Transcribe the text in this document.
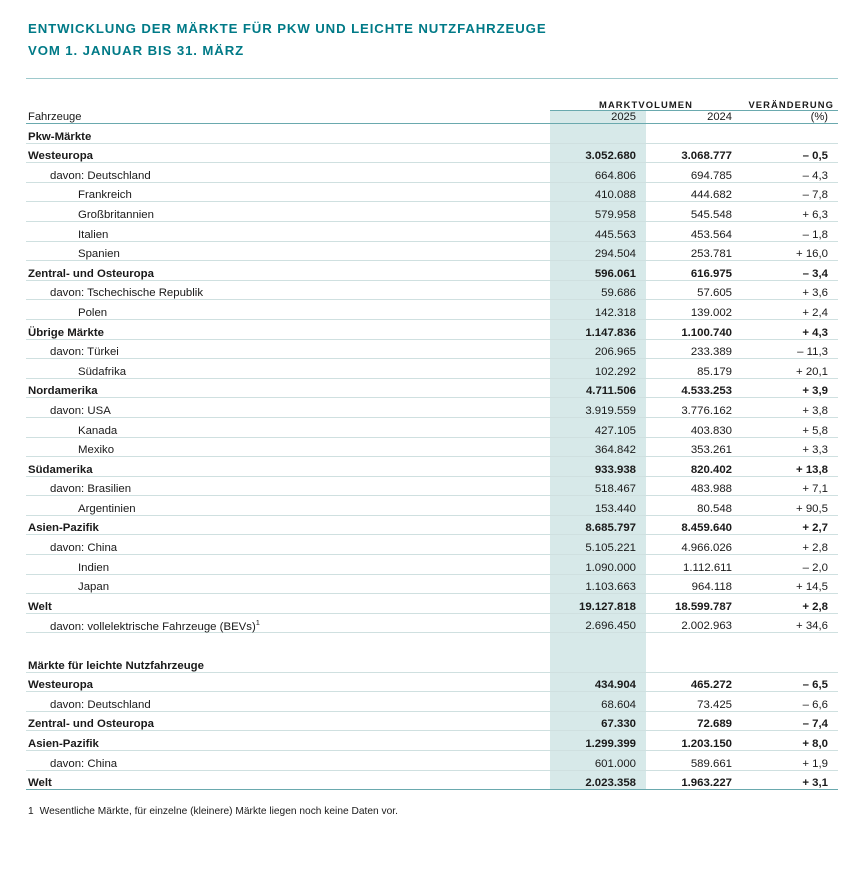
ENTWICKLUNG DER MÄRKTE FÜR PKW UND LEICHTE NUTZFAHRZEUGE
VOM 1. JANUAR BIS 31. MÄRZ
	MARKTVOLUMEN		VERÄNDERUNG
Fahrzeuge	2025	2024	(%)
Pkw-Märkte			
Westeuropa	3.052.680	3.068.777	– 0,5
davon: Deutschland	664.806	694.785	– 4,3
Frankreich	410.088	444.682	– 7,8
Großbritannien	579.958	545.548	+ 6,3
Italien	445.563	453.564	– 1,8
Spanien	294.504	253.781	+ 16,0
Zentral- und Osteuropa	596.061	616.975	– 3,4
davon: Tschechische Republik	59.686	57.605	+ 3,6
Polen	142.318	139.002	+ 2,4
Übrige Märkte	1.147.836	1.100.740	+ 4,3
davon: Türkei	206.965	233.389	– 11,3
Südafrika	102.292	85.179	+ 20,1
Nordamerika	4.711.506	4.533.253	+ 3,9
davon: USA	3.919.559	3.776.162	+ 3,8
Kanada	427.105	403.830	+ 5,8
Mexiko	364.842	353.261	+ 3,3
Südamerika	933.938	820.402	+ 13,8
davon: Brasilien	518.467	483.988	+ 7,1
Argentinien	153.440	80.548	+ 90,5
Asien-Pazifik	8.685.797	8.459.640	+ 2,7
davon: China	5.105.221	4.966.026	+ 2,8
Indien	1.090.000	1.112.611	– 2,0
Japan	1.103.663	964.118	+ 14,5
Welt	19.127.818	18.599.787	+ 2,8
davon: vollelektrische Fahrzeuge (BEVs)$^1$	2.696.450	2.002.963	+ 34,6

Märkte für leichte Nutzfahrzeuge			
Westeuropa	434.904	465.272	– 6,5
davon: Deutschland	68.604	73.425	– 6,6
Zentral- und Osteuropa	67.330	72.689	– 7,4
Asien-Pazifik	1.299.399	1.203.150	+ 8,0
davon: China	601.000	589.661	+ 1,9
Welt	2.023.358	1.963.227	+ 3,1
1 Wesentliche Märkte, für einzelne (kleinere) Märkte liegen noch keine Daten vor.
